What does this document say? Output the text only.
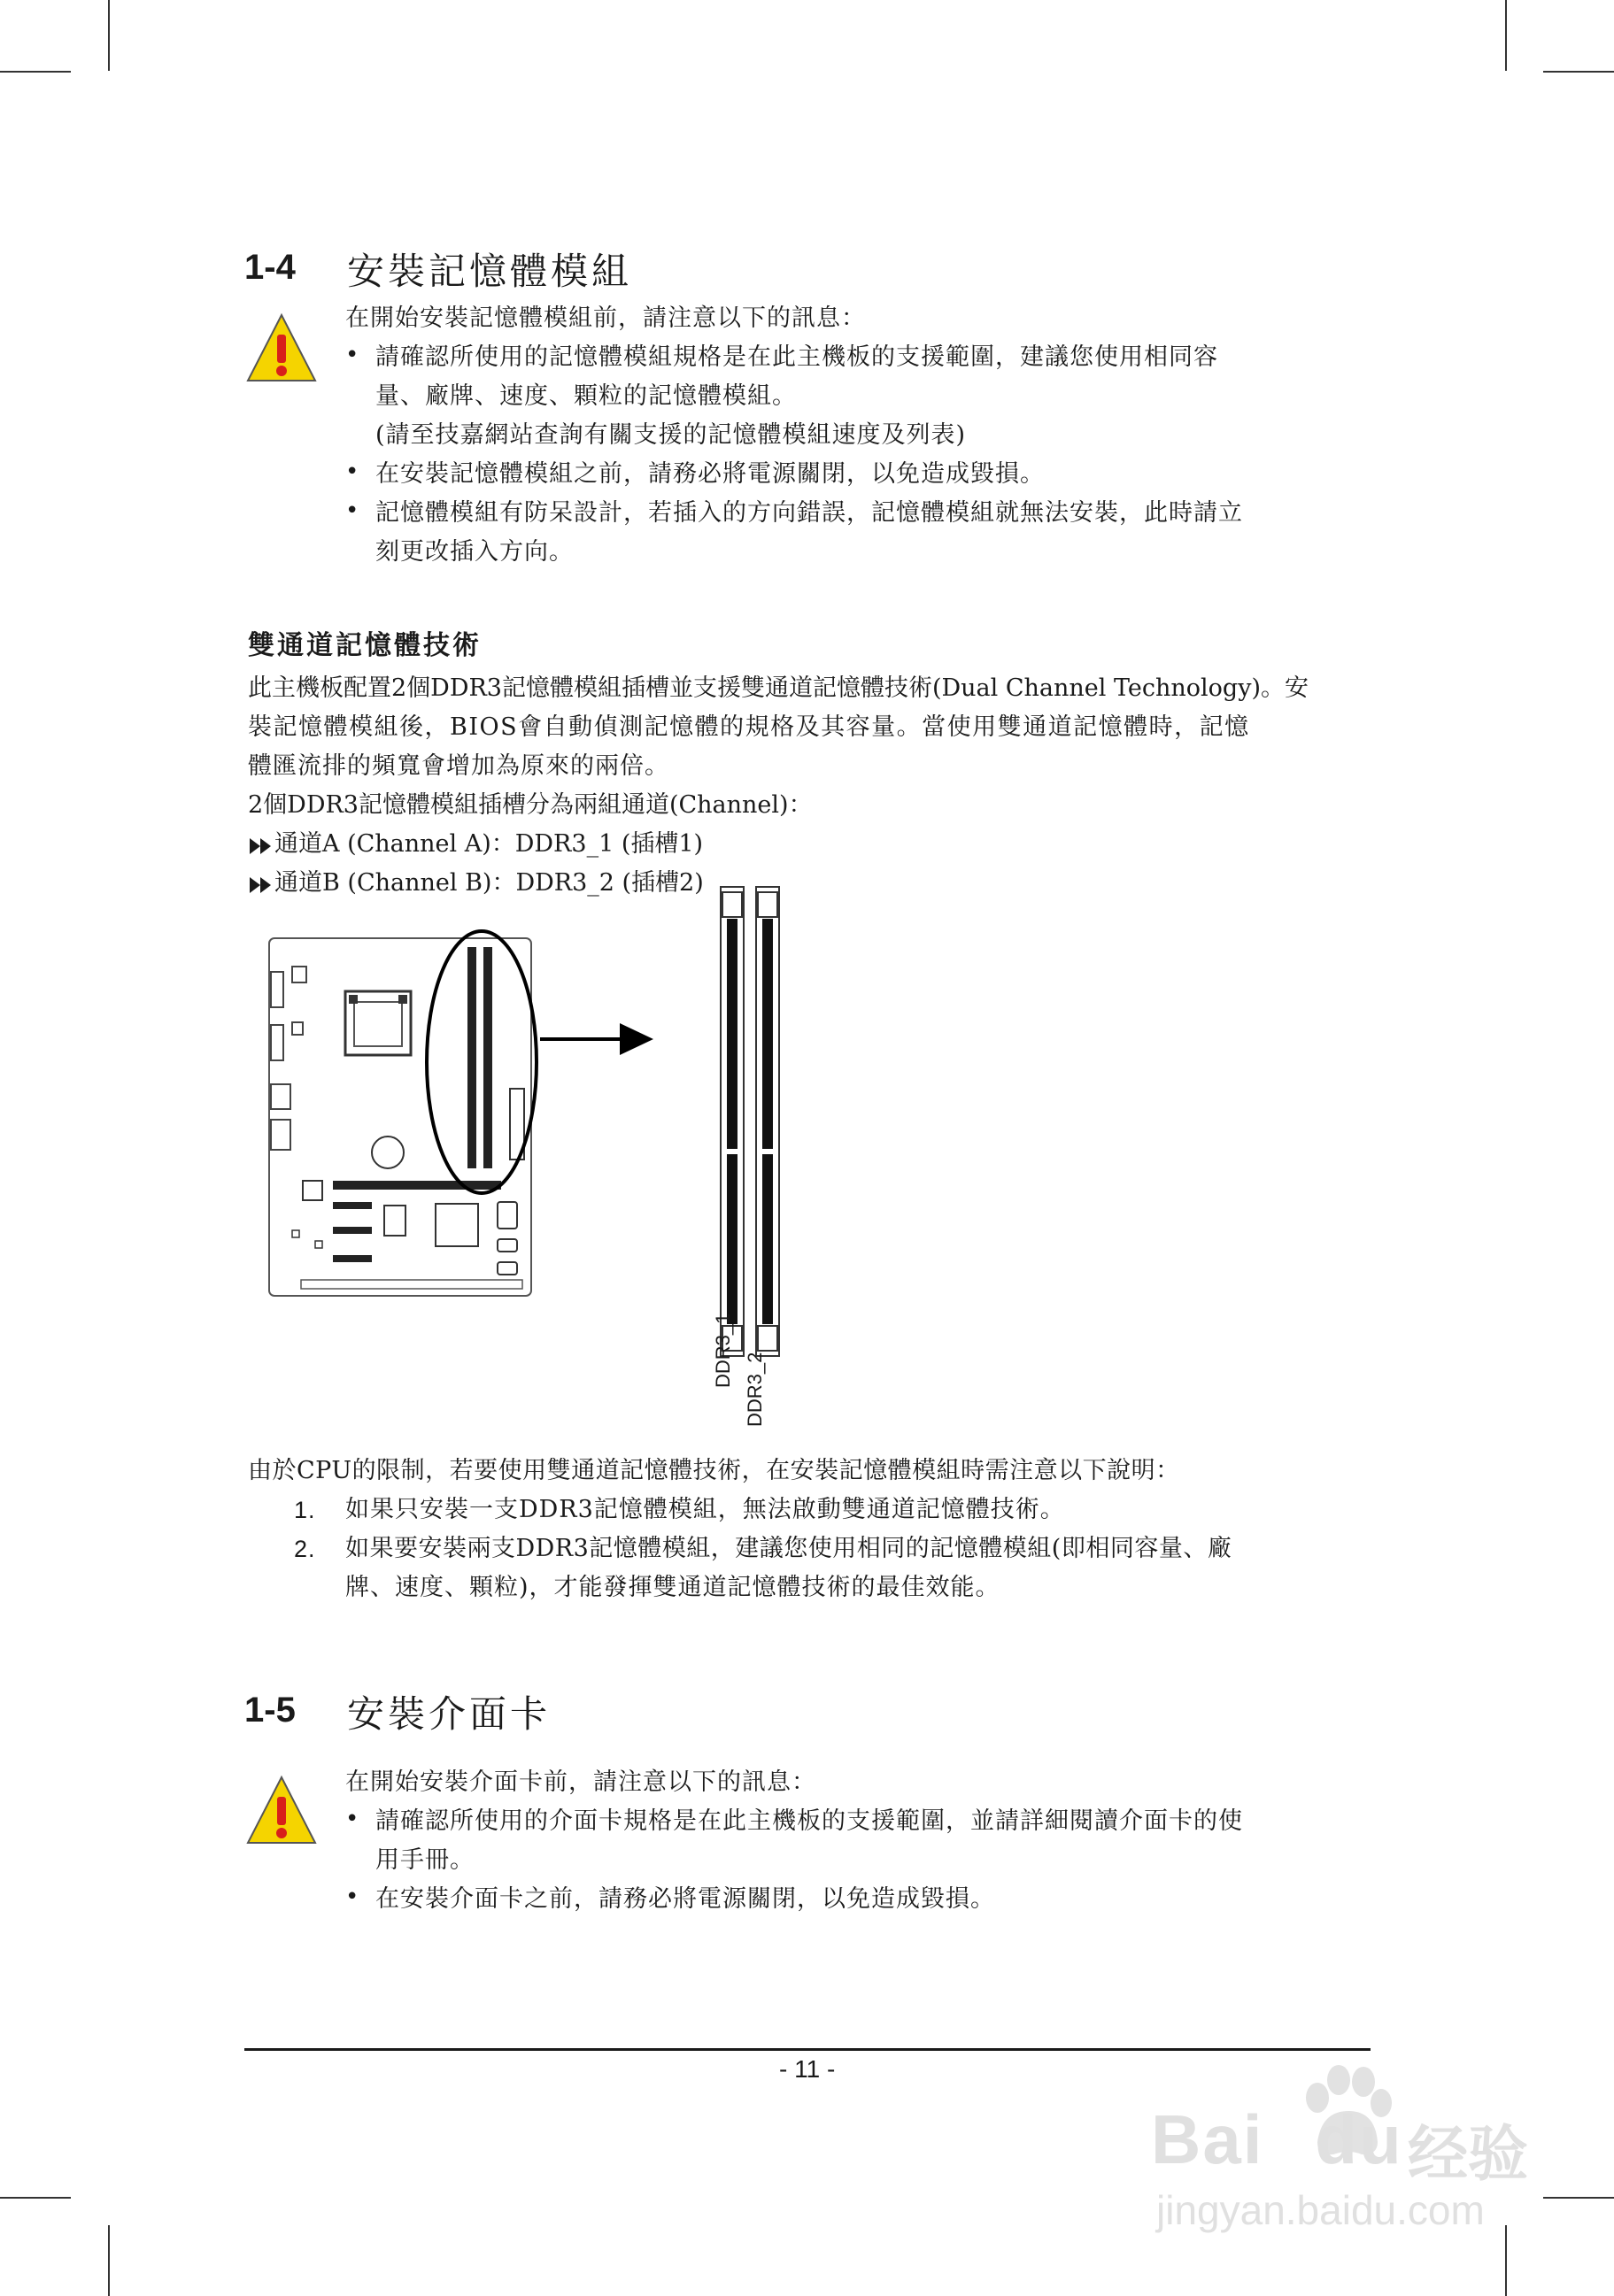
1-4 安裝記憶體模組
在開始安裝記憶體模組前，請注意以下的訊息：
• 請確認所使用的記憶體模組規格是在此主機板的支援範圍，建議您使用相同容
量、廠牌、速度、顆粒的記憶體模組。
(請至技嘉網站查詢有關支援的記憶體模組速度及列表)
• 在安裝記憶體模組之前，請務必將電源關閉，以免造成毀損。
• 記憶體模組有防呆設計，若插入的方向錯誤，記憶體模組就無法安裝，此時請立
刻更改插入方向。
雙通道記憶體技術
此主機板配置2個DDR3記憶體模組插槽並支援雙通道記憶體技術(Dual Channel Technology)。安
裝記憶體模組後，BIOS會自動偵測記憶體的規格及其容量。當使用雙通道記憶體時，記憶
體匯流排的頻寬會增加為原來的兩倍。
2個DDR3記憶體模組插槽分為兩組通道(Channel)：
通道A (Channel A)：DDR3_1 (插槽1)
通道B (Channel B)：DDR3_2 (插槽2)
DDR3_1
DDR3_2
由於CPU的限制，若要使用雙通道記憶體技術，在安裝記憶體模組時需注意以下說明：
1. 如果只安裝一支DDR3記憶體模組，無法啟動雙通道記憶體技術。
2. 如果要安裝兩支DDR3記憶體模組，建議您使用相同的記憶體模組(即相同容量、廠
牌、速度、顆粒)，才能發揮雙通道記憶體技術的最佳效能。
1-5 安裝介面卡
在開始安裝介面卡前，請注意以下的訊息：
• 請確認所使用的介面卡規格是在此主機板的支援範圍，並請詳細閱讀介面卡的使
用手冊。
• 在安裝介面卡之前，請務必將電源關閉，以免造成毀損。
- 11 -
Bai du 经验
jingyan.baidu.com
